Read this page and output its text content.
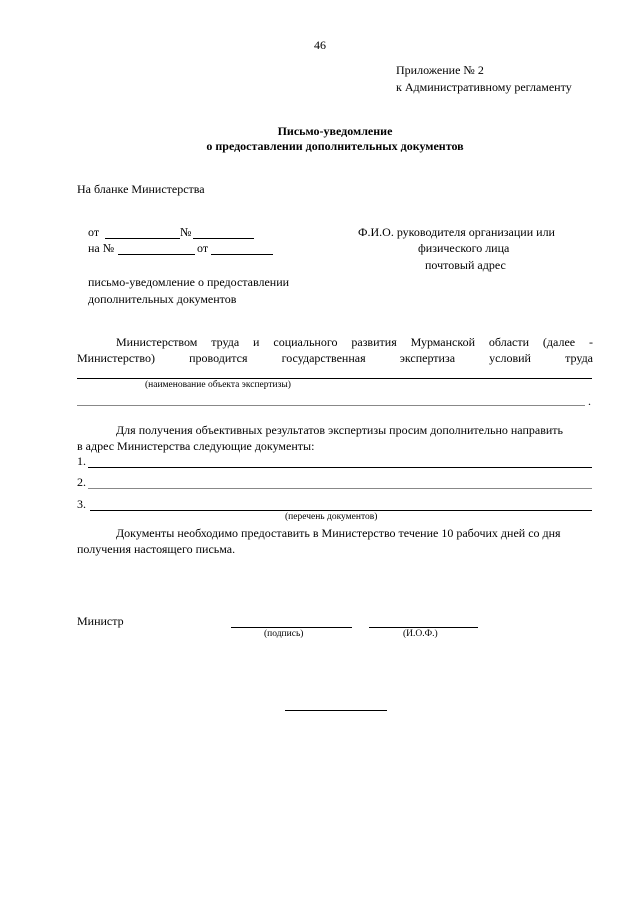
46
Приложение № 2
к Административному регламенту
Письмо-уведомление
о предоставлении дополнительных документов
На бланке Министерства
от	№
на №	от
письмо-уведомление о предоставлении
дополнительных документов
Ф.И.О. руководителя организации или
физического лица
почтовый адрес
Министерством труда и социального развития Мурманской области (далее -
Министерство) проводится государственная экспертиза условий труда
(наименование объекта экспертизы)
.
Для получения объективных результатов экспертизы просим дополнительно направить
в адрес Министерства следующие документы:
1.
2.
3.
(перечень документов)
Документы необходимо предоставить в Министерство течение 10 рабочих дней со дня
получения настоящего письма.
Министр
(подпись)	(И.О.Ф.)
